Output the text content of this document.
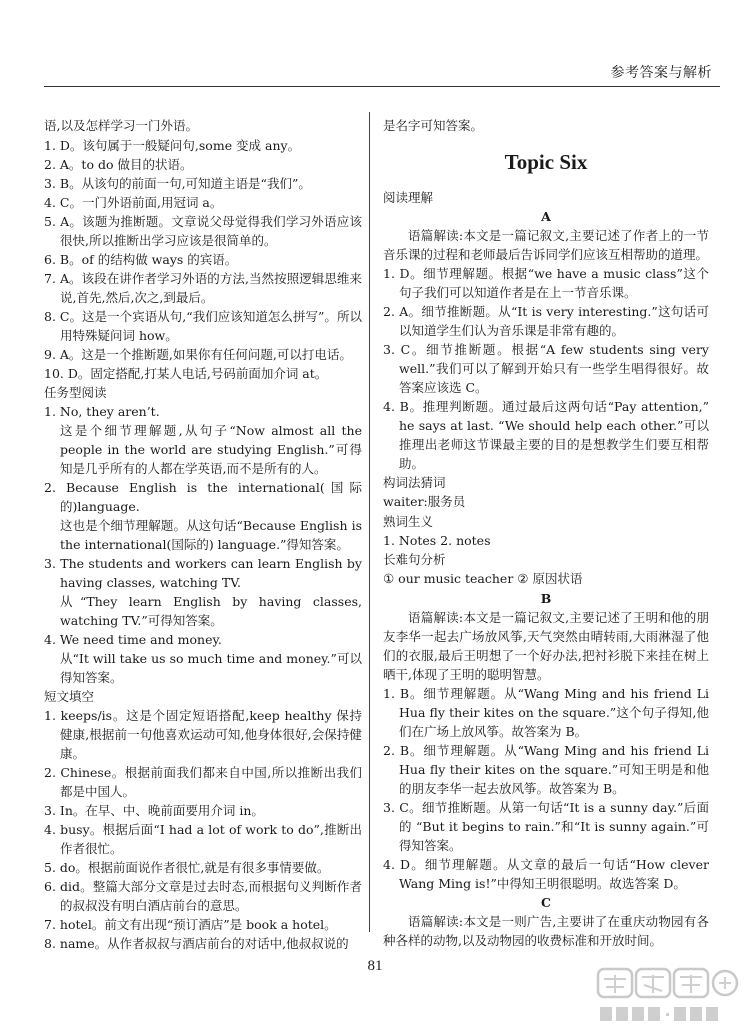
参考答案与解析
语,以及怎样学习一门外语。
1. D。该句属于一般疑问句,some 变成 any。
2. A。to do 做目的状语。
3. B。从该句的前面一句,可知道主语是“我们”。
4. C。一门外语前面,用冠词 a。
5. A。该题为推断题。文章说父母觉得我们学习外语应该很快,所以推断出学习应该是很简单的。
6. B。of 的结构做 ways 的宾语。
7. A。该段在讲作者学习外语的方法,当然按照逻辑思维来说,首先,然后,次之,到最后。
8. C。这是一个宾语从句,“我们应该知道怎么拼写”。所以用特殊疑问词 how。
9. A。这是一个推断题,如果你有任何问题,可以打电话。
10. D。固定搭配,打某人电话,号码前面加介词 at。
任务型阅读
1. No, they aren’t.
这是个细节理解题,从句子“Now almost all the people in the world are studying English.”可得知是几乎所有的人都在学英语,而不是所有的人。
2. Because English is the international(国际的)language.
这也是个细节理解题。从这句话“Because English is the international(国际的) language.”得知答案。
3. The students and workers can learn English by having classes, watching TV.
从“They learn English by having classes, watching TV.”可得知答案。
4. We need time and money.
从“It will take us so much time and money.”可以得知答案。
短文填空
1. keeps/is。这是个固定短语搭配,keep healthy 保持健康,根据前一句他喜欢运动可知,他身体很好,会保持健康。
2. Chinese。根据前面我们都来自中国,所以推断出我们都是中国人。
3. In。在早、中、晚前面要用介词 in。
4. busy。根据后面“I had a lot of work to do”,推断出作者很忙。
5. do。根据前面说作者很忙,就是有很多事情要做。
6. did。整篇大部分文章是过去时态,而根据句义判断作者的叔叔没有明白酒店前台的意思。
7. hotel。前文有出现“预订酒店”是 book a hotel。
8. name。从作者叔叔与酒店前台的对话中,他叔叔说的
是名字可知答案。
Topic Six
阅读理解
A
语篇解读:本文是一篇记叙文,主要记述了作者上的一节音乐课的过程和老师最后告诉同学们应该互相帮助的道理。
1. D。细节理解题。根据“we have a music class”这个句子我们可以知道作者是在上一节音乐课。
2. A。细节推断题。从“It is very interesting.”这句话可以知道学生们认为音乐课是非常有趣的。
3. C。细节推断题。根据“A few students sing very well.”我们可以了解到开始只有一些学生唱得很好。故答案应该选 C。
4. B。推理判断题。通过最后这两句话“Pay attention,” he says at last. “We should help each other.”可以推理出老师这节课最主要的目的是想教学生们要互相帮助。
构词法猜词
waiter:服务员
熟词生义
1. Notes 2. notes
长难句分析
① our music teacher ② 原因状语
B
语篇解读:本文是一篇记叙文,主要记述了王明和他的朋友李华一起去广场放风筝,天气突然由晴转雨,大雨淋湿了他们的衣服,最后王明想了一个好办法,把衬衫脱下来挂在树上晒干,体现了王明的聪明智慧。
1. B。细节理解题。从“Wang Ming and his friend Li Hua fly their kites on the square.”这个句子得知,他们在广场上放风筝。故答案为 B。
2. B。细节理解题。从“Wang Ming and his friend Li Hua fly their kites on the square.”可知王明是和他的朋友李华一起去放风筝。故答案为 B。
3. C。细节推断题。从第一句话“It is a sunny day.”后面的 “But it begins to rain.”和“It is sunny again.”可得知答案。
4. D。细节理解题。从文章的最后一句话“How clever Wang Ming is!”中得知王明很聪明。故选答案 D。
C
语篇解读:本文是一则广告,主要讲了在重庆动物园有各种各样的动物,以及动物园的收费标准和开放时间。
81
